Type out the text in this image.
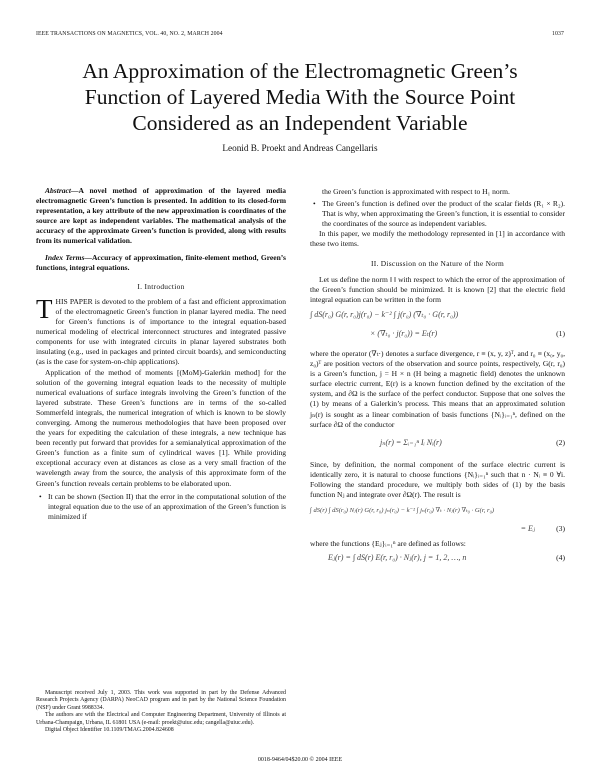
IEEE TRANSACTIONS ON MAGNETICS, VOL. 40, NO. 2, MARCH 2004	1037
An Approximation of the Electromagnetic Green’s
Function of Layered Media With the Source Point
Considered as an Independent Variable
Leonid B. Proekt and Andreas Cangellaris

Abstract—A novel method of approximation of the layered media electromagnetic Green’s function is presented. In addition to its closed-form representation, a key attribute of the new approximation is coordinates of the source are kept as independent variables. The mathematical analysis of the accuracy of the approximate Green’s function is provided, along with results from its numerical validation.

Index Terms—Accuracy of approximation, finite-element method, Green’s functions, integral equations.

I. Introduction

THIS PAPER is devoted to the problem of a fast and efficient approximation of the electromagnetic Green’s function in planar layered media. The need for Green’s functions is of importance to the integral equation-based numerical modeling of electrical interconnect structures and integrated passive components for use with integrated circuits in planar layered substrates both insulating (e.g., used in packages and printed circuit boards), and semiconducting (as is the case for system-on-chip applications).

Application of the method of moments [(MoM)-Galerkin method] for the solution of the governing integral equation leads to the necessity of multiple numerical evaluations of surface integrals involving the Green’s function of the layered substrate. These Green’s functions are in terms of the so-called Sommerfeld integrals, the numerical integration of which is known to be slowly converging. Among the numerous methodologies that have been proposed over the years for expediting the calculation of these integrals, a new technique has been recently put forward that provides for a semianalytical approximation of the Green’s function as a finite sum of cylindrical waves [1]. While providing exceptional accuracy even at distances as close as a very small fraction of the wavelength away from the source, the analysis of this approximate form of the Green’s function reveals certain problems to be elaborated upon.

• It can be shown (Section II) that the error in the computational solution of the integral equation due to the use of an approximation of the Green’s function is minimized if
Manuscript received July 1, 2003. This work was supported in part by the Defense Advanced Research Projects Agency (DARPA) NeoCAD program and in part by the National Science Foundation (NSF) under Grant 9988334.
The authors are with the Electrical and Computer Engineering Department, University of Illinois at Urbana-Champaign, Urbana, IL 61801 USA (e-mail: proekt@uiuc.edu; cangella@uiuc.edu).
Digital Object Identifier 10.1109/TMAG.2004.824608

the Green’s function is approximated with respect to H₁ norm.

• The Green’s function is defined over the product of the scalar fields (R₁ × R₂). That is why, when approximating the Green’s function, it is essential to consider the coordinates of the source as independent variables.

In this paper, we modify the methodology represented in [1] in accordance with these two items.

II. Discussion on the Nature of the Norm

Let us define the norm ‖ ‖ with respect to which the error of the approximation of the Green’s function should be minimized. It is known [2] that the electric field integral equation can be written in the form

∫ dS(r₀) G(r, r₀)j(r₀) − k⁻² ∫ j(r₀) (∇ₜ₀ · G(r, r₀))
× (∇ₜ₀ · j(r₀)) = Eₜ(r)	(1)

where the operator (∇ₜ·) denotes a surface divergence, r ≡ (x, y, z)ᵀ, and r₀ ≡ (x₀, y₀, z₀)ᵀ are position vectors of the observation and source points, respectively, G(r, r₀) is a Green’s function, j = H × n (H being a magnetic field) denotes the unknown surface electric current, E(r) is a known function defined by the excitation of the system, and ∂Ω is the surface of the perfect conductor. Suppose that one solves the (1) by means of a Galerkin’s process. This means that an approximated solution jₙ(r) is sought as a linear combination of basis functions {Nᵢ}ᵢ₌₁ⁿ, defined on the surface ∂Ω of the conductor

jₙ(r) = Σᵢ₌₁ⁿ Iᵢ Nᵢ(r)	(2)

Since, by definition, the normal component of the surface electric current is identically zero, it is natural to choose functions {Nᵢ}ᵢ₌₁ⁿ such that n · Nᵢ ≡ 0 ∀i. Following the standard procedure, we multiply both sides of (1) by the basis function Nⱼ and integrate over ∂Ω(r). The result is

∫ dS(r) ∫ dS(r₀) Nⱼ(r) G(r, r₀) jₙ(r₀) − k⁻² ∫ jₙ(r₀) ∇ₜ · Nⱼ(r) ∇ₜ₀ · G(r, r₀)
= Eⱼ	(3)

where the functions {Eⱼ}ᵢ₌₁ⁿ are defined as follows:

Eⱼ(r) = ∫ dS(r) E(r, r₀) · Nⱼ(r), j = 1, 2, …, n	(4)
0018-9464/04$20.00 © 2004 IEEE
